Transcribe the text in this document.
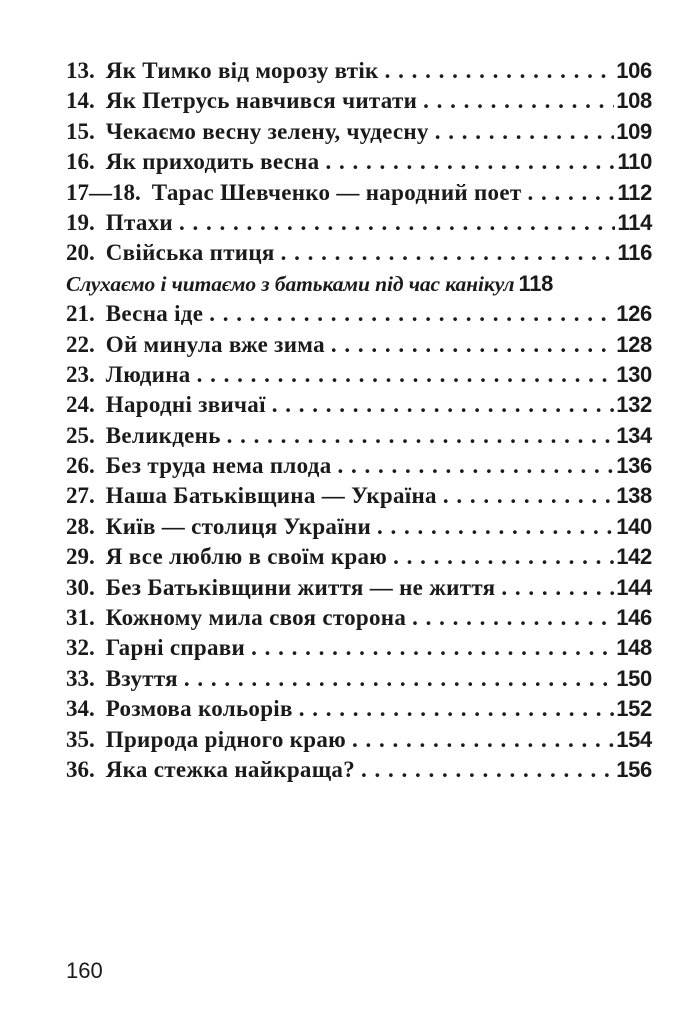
13. Як Тимко від морозу втік . . .	106
14. Як Петрусь навчився читати . . .	108
15. Чекаємо весну зелену, чудесну . . .	109
16. Як приходить весна . . .	110
17—18. Тарас Шевченко — народний поет . . .	112
19. Птахи . . .	114
20. Свійська птиця . . .	116
Слухаємо і читаємо з батьками під час канікул 118
21. Весна іде . . .	126
22. Ой минула вже зима . . .	128
23. Людина . . .	130
24. Народні звичаї . . .	132
25. Великдень . . .	134
26. Без труда нема плода . . .	136
27. Наша Батьківщина — Україна . . .	138
28. Київ — столиця України . . .	140
29. Я все люблю в своїм краю . . .	142
30. Без Батьківщини життя — не життя . . .	144
31. Кожному мила своя сторона . . .	146
32. Гарні справи . . .	148
33. Взуття . . .	150
34. Розмова кольорів . . .	152
35. Природа рідного краю . . .	154
36. Яка стежка найкраща? . . .	156
160
